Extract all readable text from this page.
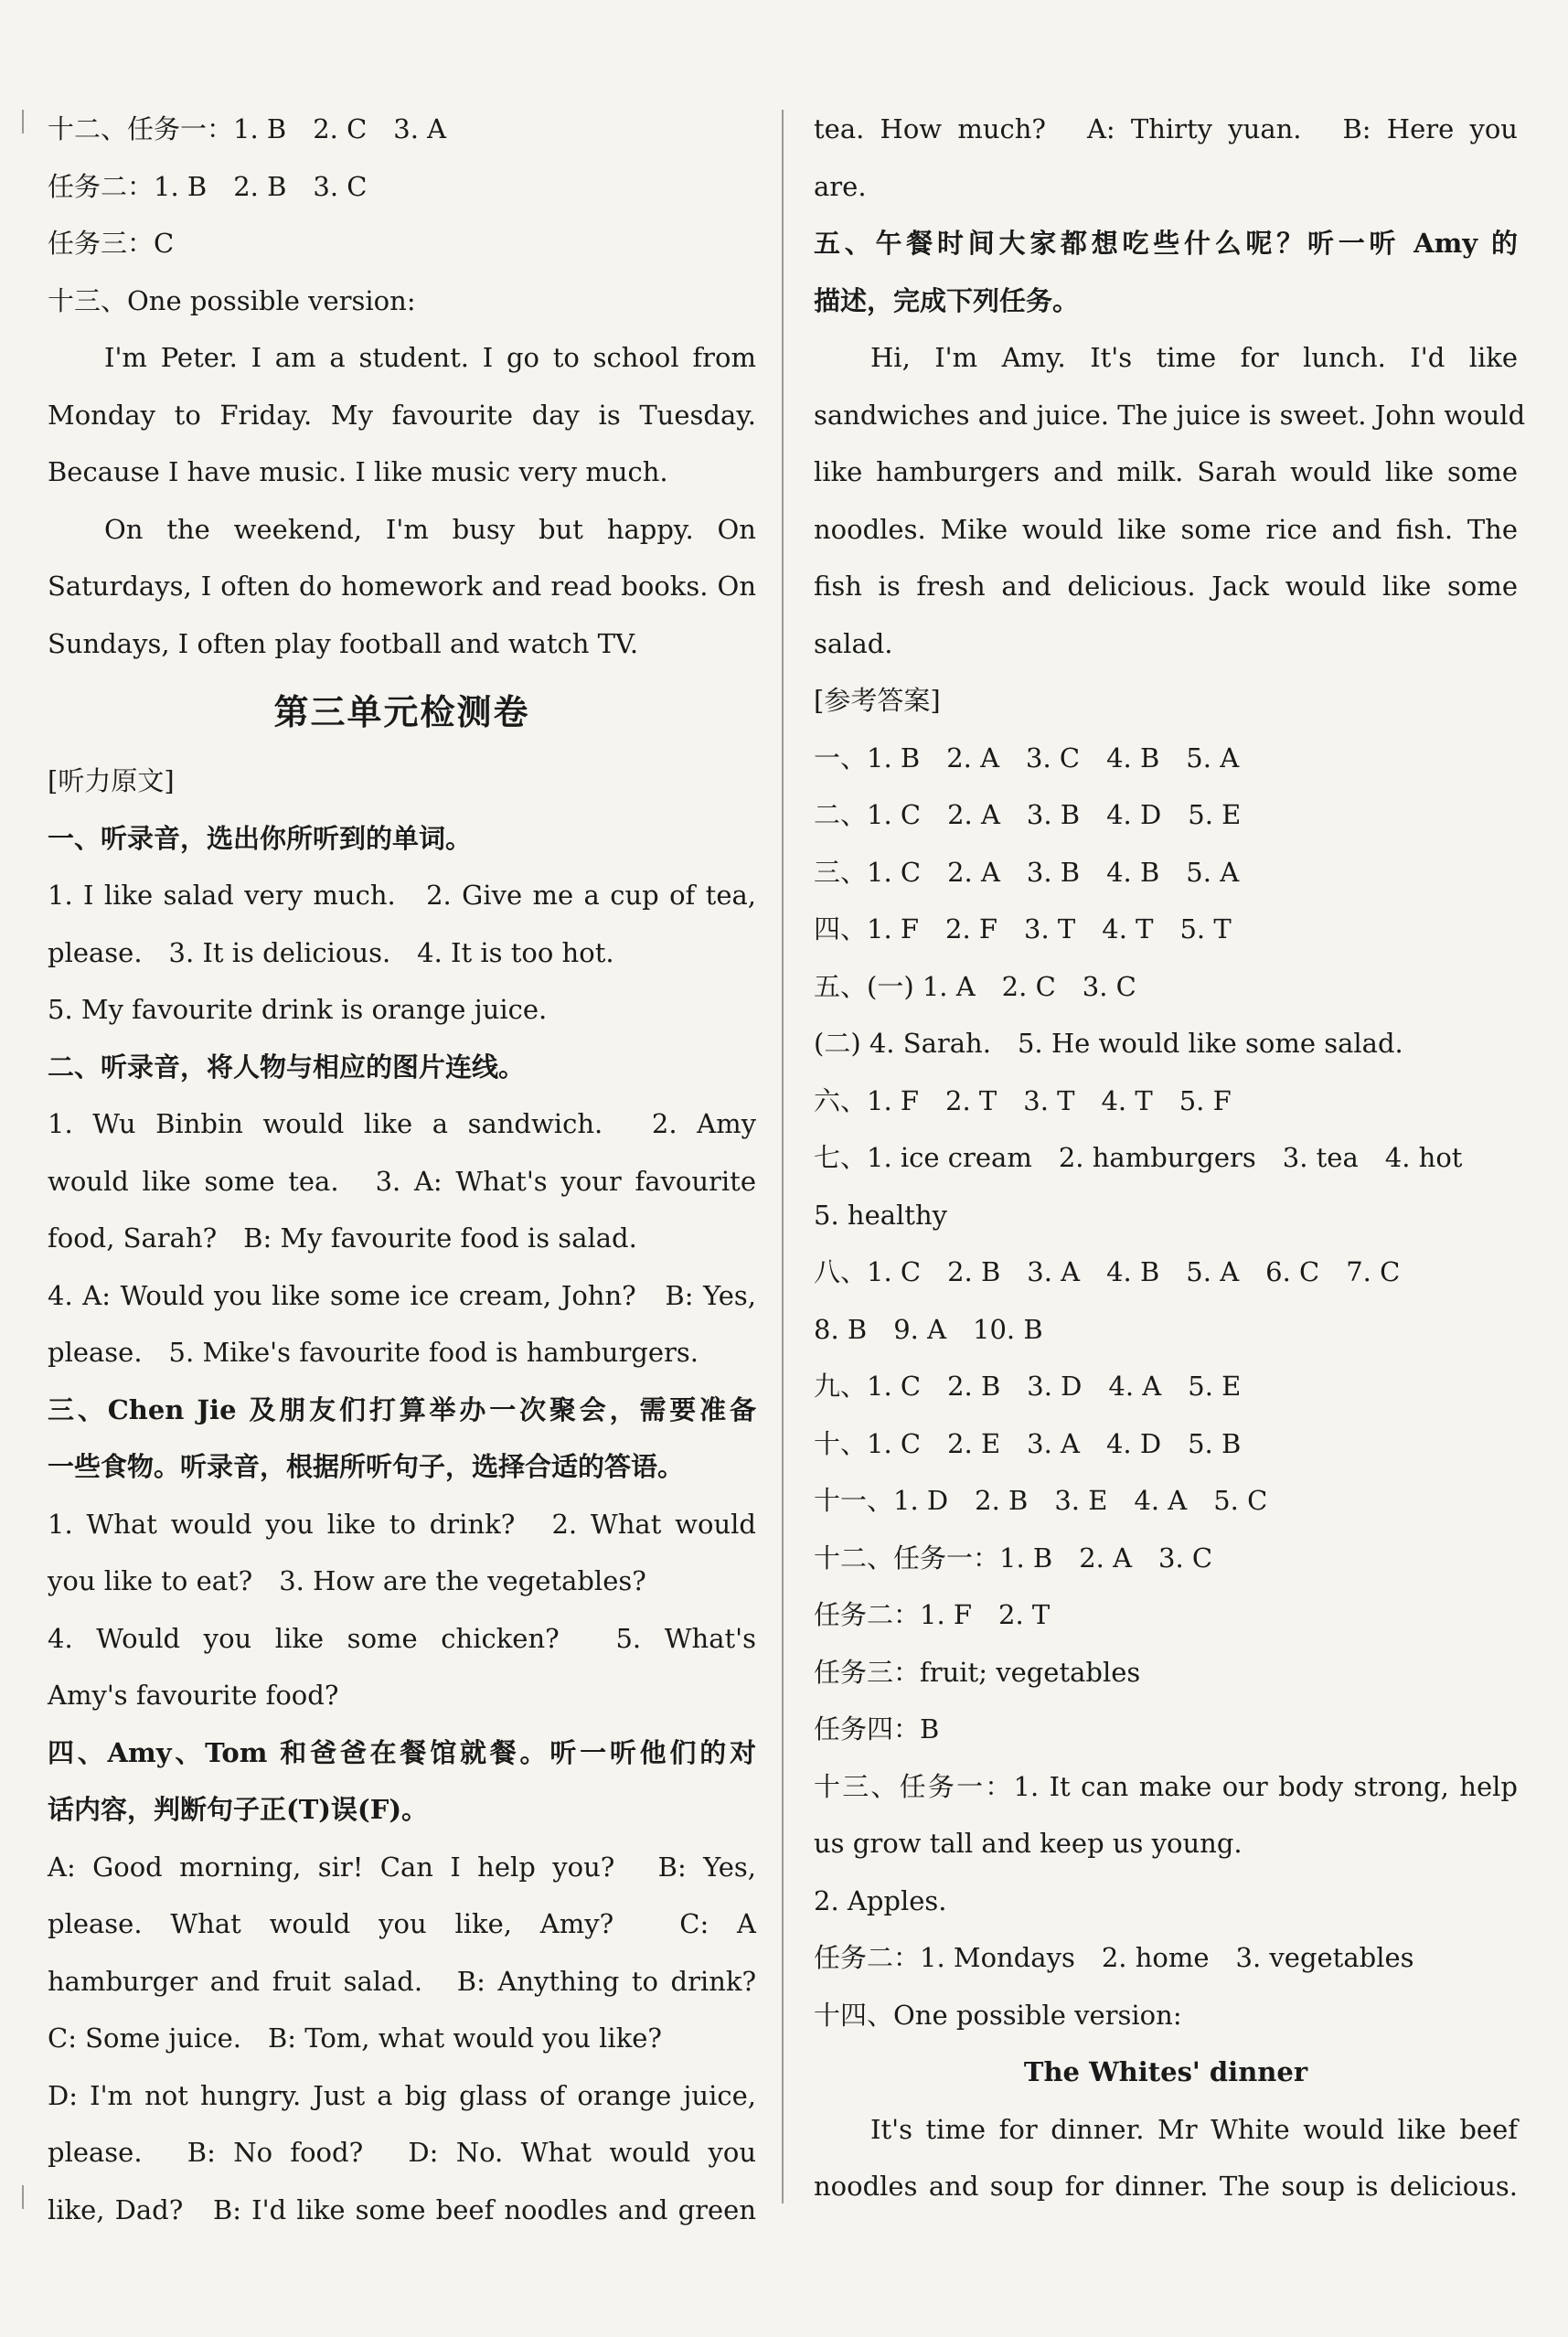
十二、任务一：1. B　2. C　3. A
任务二：1. B　2. B　3. C
任务三：C
十三、One possible version:
I'm Peter. I am a student. I go to school from
Monday to Friday. My favourite day is Tuesday.
Because I have music. I like music very much.
On the weekend, I'm busy but happy. On
Saturdays, I often do homework and read books. On
Sundays, I often play football and watch TV.
第三单元检测卷
[听力原文]
一、听录音，选出你所听到的单词。
1. I like salad very much.　2. Give me a cup of tea,
please.　3. It is delicious.　4. It is too hot.
5. My favourite drink is orange juice.
二、听录音，将人物与相应的图片连线。
1. Wu Binbin would like a sandwich.　2. Amy
would like some tea.　3. A: What's your favourite
food, Sarah?　B: My favourite food is salad.
4. A: Would you like some ice cream, John?　B: Yes,
please.　5. Mike's favourite food is hamburgers.
三、Chen Jie 及朋友们打算举办一次聚会，需要准备
一些食物。听录音，根据所听句子，选择合适的答语。
1. What would you like to drink?　2. What would
you like to eat?　3. How are the vegetables?
4. Would you like some chicken?　5. What's
Amy's favourite food?
四、Amy、Tom 和爸爸在餐馆就餐。听一听他们的对
话内容，判断句子正(T)误(F)。
A: Good morning, sir! Can I help you?　B: Yes,
please. What would you like, Amy?　C: A
hamburger and fruit salad.　B: Anything to drink?
C: Some juice.　B: Tom, what would you like?
D: I'm not hungry. Just a big glass of orange juice,
please.　B: No food?　D: No. What would you
like, Dad?　B: I'd like some beef noodles and green
tea. How much?　A: Thirty yuan.　B: Here you
are.
五、午餐时间大家都想吃些什么呢？听一听 Amy 的
描述，完成下列任务。
Hi, I'm Amy. It's time for lunch. I'd like
sandwiches and juice. The juice is sweet. John would
like hamburgers and milk. Sarah would like some
noodles. Mike would like some rice and fish. The
fish is fresh and delicious. Jack would like some
salad.
[参考答案]
一、1. B　2. A　3. C　4. B　5. A
二、1. C　2. A　3. B　4. D　5. E
三、1. C　2. A　3. B　4. B　5. A
四、1. F　2. F　3. T　4. T　5. T
五、(一) 1. A　2. C　3. C
(二) 4. Sarah.　5. He would like some salad.
六、1. F　2. T　3. T　4. T　5. F
七、1. ice cream　2. hamburgers　3. tea　4. hot
5. healthy
八、1. C　2. B　3. A　4. B　5. A　6. C　7. C
8. B　9. A　10. B
九、1. C　2. B　3. D　4. A　5. E
十、1. C　2. E　3. A　4. D　5. B
十一、1. D　2. B　3. E　4. A　5. C
十二、任务一：1. B　2. A　3. C
任务二：1. F　2. T
任务三：fruit; vegetables
任务四：B
十三、任务一：1. It can make our body strong, help
us grow tall and keep us young.
2. Apples.
任务二：1. Mondays　2. home　3. vegetables
十四、One possible version:
The Whites' dinner
It's time for dinner. Mr White would like beef
noodles and soup for dinner. The soup is delicious.
